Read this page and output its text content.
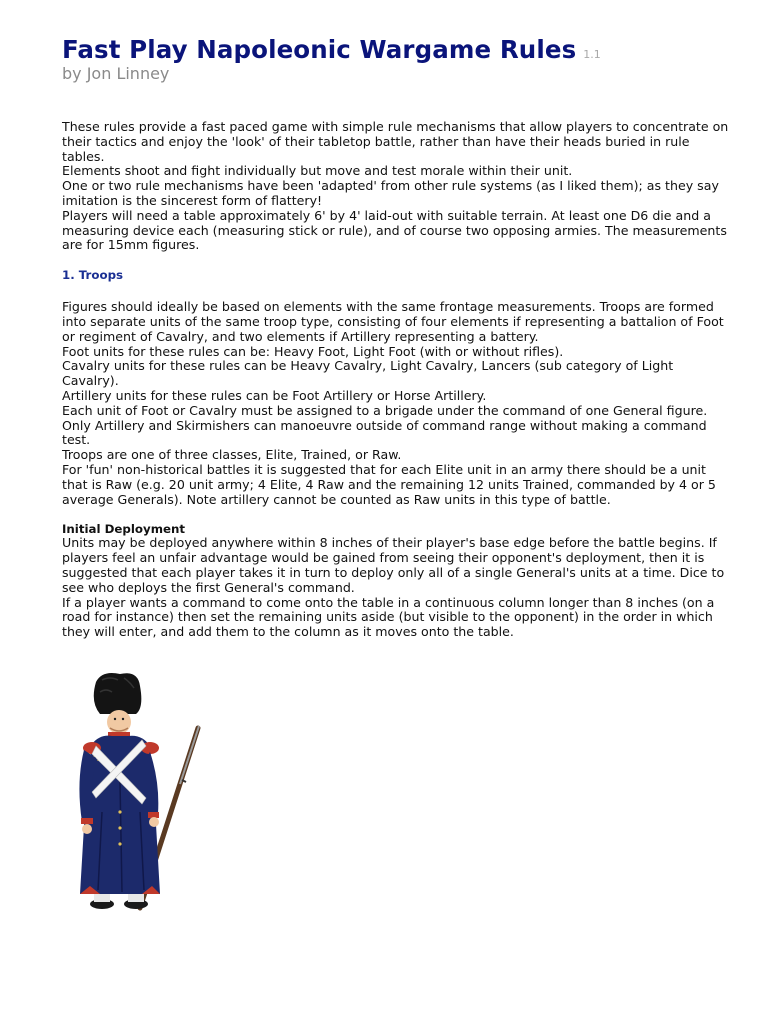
Fast Play Napoleonic Wargame Rules 1.1
by Jon Linney
These rules provide a fast paced game with simple rule mechanisms that allow players to concentrate on their tactics and enjoy the 'look' of their tabletop battle, rather than have their heads buried in rule tables.
Elements shoot and fight individually but move and test morale within their unit.
One or two rule mechanisms have been 'adapted' from other rule systems (as I liked them); as they say imitation is the sincerest form of flattery!
Players will need a table approximately 6' by 4' laid-out with suitable terrain. At least one D6 die and a measuring device each (measuring stick or rule), and of course two opposing armies. The measurements are for 15mm figures.
1. Troops
Figures should ideally be based on elements with the same frontage measurements. Troops are formed into separate units of the same troop type, consisting of four elements if representing a battalion of Foot or regiment of Cavalry, and two elements if Artillery representing a battery.
Foot units for these rules can be: Heavy Foot, Light Foot (with or without rifles).
Cavalry units for these rules can be Heavy Cavalry, Light Cavalry, Lancers (sub category of Light Cavalry).
Artillery units for these rules can be Foot Artillery or Horse Artillery.
Each unit of Foot or Cavalry must be assigned to a brigade under the command of one General figure.
Only Artillery and Skirmishers can manoeuvre outside of command range without making a command test.
Troops are one of three classes, Elite, Trained, or Raw.
For 'fun' non-historical battles it is suggested that for each Elite unit in an army there should be a unit that is Raw (e.g. 20 unit army; 4 Elite, 4 Raw and the remaining 12 units Trained, commanded by 4 or 5 average Generals). Note artillery cannot be counted as Raw units in this type of battle.
Initial Deployment
Units may be deployed anywhere within 8 inches of their player's base edge before the battle begins. If players feel an unfair advantage would be gained from seeing their opponent's deployment, then it is suggested that each player takes it in turn to deploy only all of a single General's units at a time. Dice to see who deploys the first General's command.
If a player wants a command to come onto the table in a continuous column longer than 8 inches (on a road for instance) then set the remaining units aside (but visible to the opponent) in the order in which they will enter, and add them to the column as it moves onto the table.
